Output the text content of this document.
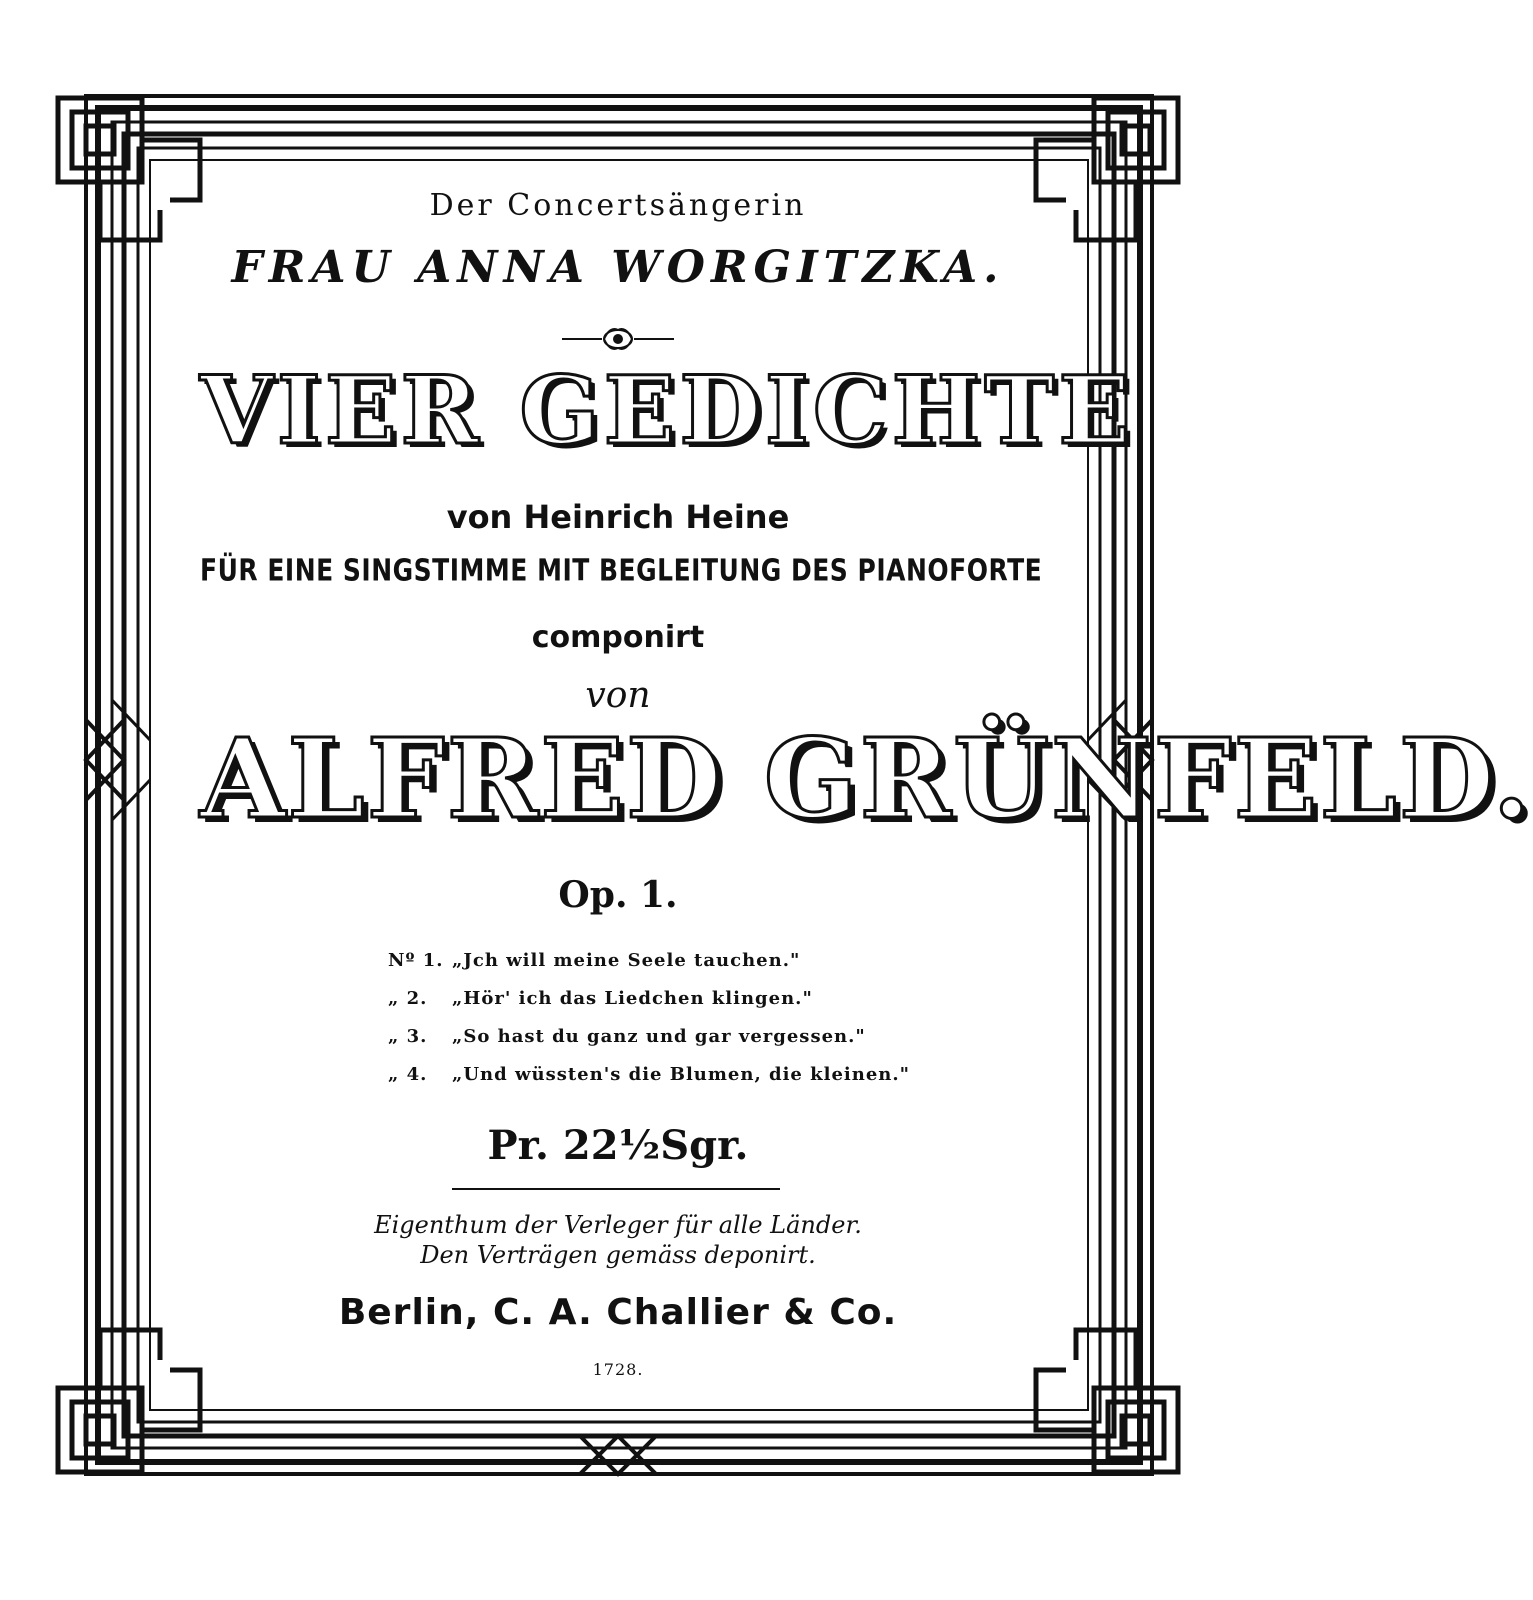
Der Concertsängerin
FRAU ANNA WORGITZKA.
VIER GEDICHTE
von Heinrich Heine
FÜR EINE SINGSTIMME MIT BEGLEITUNG DES PIANOFORTE
componirt
von
ALFRED GRÜNFELD.
Op. 1.
Nº 1. „Jch will meine Seele tauchen."
„ 2. „Hör' ich das Liedchen klingen."
„ 3. „So hast du ganz und gar vergessen."
„ 4. „Und wüssten's die Blumen, die kleinen."
Pr. 22½Sgr.
Eigenthum der Verleger für alle Länder.
Den Verträgen gemäss deponirt.
Berlin, C. A. Challier & Co.
1728.
